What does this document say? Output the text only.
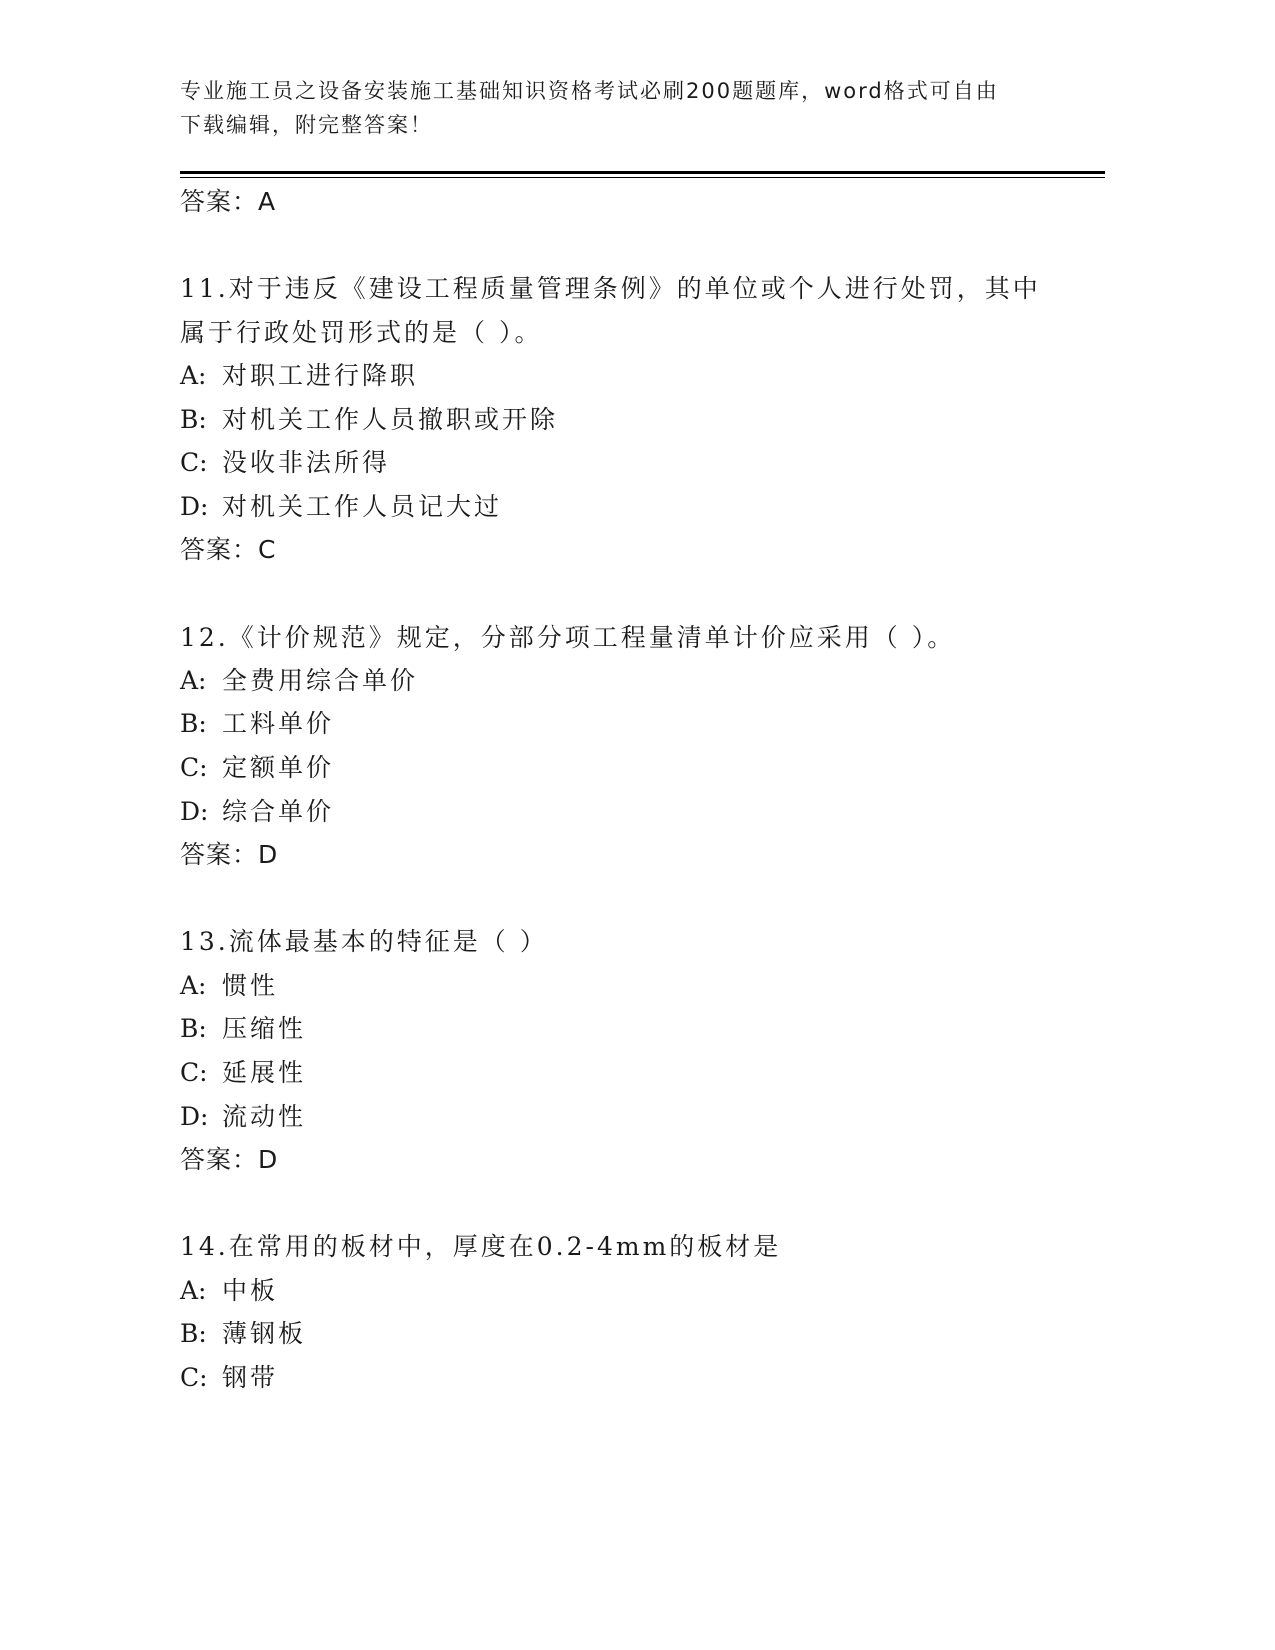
专业施工员之设备安装施工基础知识资格考试必刷200题题库，word格式可自由
下载编辑，附完整答案！
答案：A
11.对于违反《建设工程质量管理条例》的单位或个人进行处罚，其中
属于行政处罚形式的是（ ）。
A: 对职工进行降职
B: 对机关工作人员撤职或开除
C: 没收非法所得
D: 对机关工作人员记大过
答案：C
12.《计价规范》规定，分部分项工程量清单计价应采用（ ）。
A: 全费用综合单价
B: 工料单价
C: 定额单价
D: 综合单价
答案：D
13.流体最基本的特征是（ ）
A: 惯性
B: 压缩性
C: 延展性
D: 流动性
答案：D
14.在常用的板材中，厚度在0.2-4mm的板材是
A: 中板
B: 薄钢板
C: 钢带
